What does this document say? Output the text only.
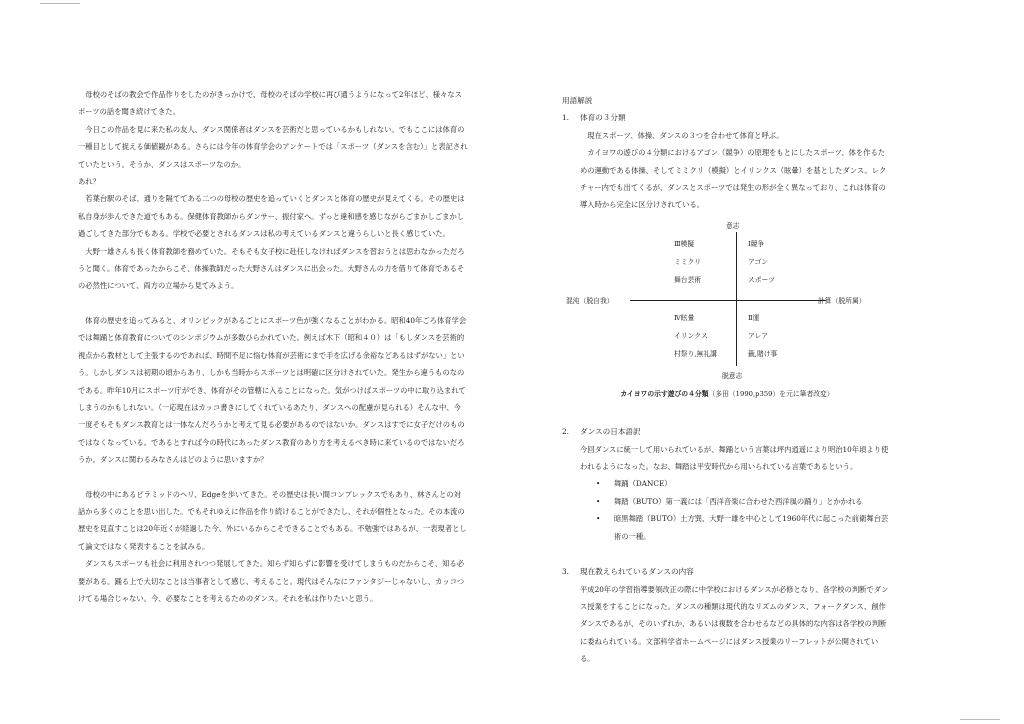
　母校のそばの教会で作品作りをしたのがきっかけで、母校のそばの学校に再び通うようになって2年ほど、様々なスポーツの話を聞き続けてきた。

　今日この作品を見に来た私の友人、ダンス関係者はダンスを芸術だと思っているかもしれない。でもここには体育の一種目として捉える価値観がある。さらには今年の体育学会のアンケートでは「スポーツ（ダンスを含む）」と表記されていたという。そうか、ダンスはスポーツなのか。

あれ？

　若葉台駅のそば、通りを隔ててある二つの母校の歴史を追っていくとダンスと体育の歴史が見えてくる。その歴史は私自身が歩んできた道でもある。保健体育教師からダンサー、振付家へ。ずっと違和感を感じながらごまかしごまかし過ごしてきた部分でもある。学校で必要とされるダンスは私の考えているダンスと違うらしいと長く感じていた。

　大野一雄さんも長く体育教師を務めていた。そもそも女子校に赴任しなければダンスを習おうとは思わなかっただろうと聞く。体育であったからこそ、体操教師だった大野さんはダンスに出会った。大野さんの力を借りて体育であるその必然性について、両方の立場から見てみよう。

　体育の歴史を追ってみると、オリンピックがあるごとにスポーツ色が強くなることがわかる。昭和40年ごろ体育学会では舞踊と体育教育についてのシンポジウムが多数ひらかれていた。例えば木下（昭和４０）は「もしダンスを芸術的視点から教材として主張するのであれば、時間不足に悩む体育が芸術にまで手を広げる余裕などあるはずがない」という。しかしダンスは初期の頃からあり、しかも当時からスポーツとは明確に区分けされていた。発生から違うものなのである。昨年10月にスポーツ庁ができ、体育がその管轄に入ることになった。気がつけばスポーツの中に取り込まれてしまうのかもしれない。（一応現在はカッコ書きにしてくれているあたり、ダンスへの配慮が見られる）そんな中、今一度そもそもダンス教育とは一体なんだろうかと考えて見る必要があるのではないか。ダンスはすでに女子だけのものではなくなっている。であるとすれば今の時代にあったダンス教育のあり方を考えるべき時に来ているのではないだろうか。ダンスに関わるみなさんはどのように思いますか？

　母校の中にあるピラミッドのヘリ、Edgeを歩いてきた。その歴史は長い間コンプレックスでもあり、林さんとの対話から多くのことを思い出した。でもそれゆえに作品を作り続けることができたし、それが個性となった。その本流の歴史を見直すことは20年近くが経過した今、外にいるからこそできることでもある。不勉強ではあるが、一表現者として論文ではなく発表することを試みる。

　ダンスもスポーツも社会に利用されつつ発展してきた。知らず知らずに影響を受けてしまうものだからこそ、知る必要がある。踊る上で大切なことは当事者として感じ、考えること。現代はそんなにファンタジーじゃないし、カッコつけてる場合じゃない。今、必要なことを考えるためのダンス。それを私は作りたいと思う。

用語解説

1.	体育の３分類

　現在スポーツ、体操、ダンスの３つを合わせて体育と呼ぶ。

　カイヨワの遊びの４分類におけるアゴン（競争）の原理をもとにしたスポーツ、体を作るための運動である体操、そしてミミクリ（模擬）とイリンクス（眩暈）を基としたダンス。レクチャー内でも出てくるが、ダンスとスポーツでは発生の形が全く異なっており、これは体育の導入時から完全に区分けされている。

意志
脱意志
混沌（脱自我）	計算（脱所属）
Ⅲ模擬
ミミクリ
舞台芸術
Ⅰ競争
アゴン
スポーツ
Ⅳ眩暈
イリンクス
村祭り,無礼講
Ⅱ運
アレア
籤,賭け事

カイヨワの示す遊びの４分類（多田（1990,p359）を元に筆者改変）

2.	ダンスの日本語訳

今回ダンスに統一して用いられているが、舞踊という言葉は坪内逍遥により明治10年頃より使われるようになった。なお、舞踏は平安時代から用いられている言葉であるという。

• 舞踊（DANCE）
• 舞踏（BUTO）第一義には「西洋音楽に合わせた西洋風の踊り」とかかれる
• 暗黒舞踏（BUTO）土方巽、大野一雄を中心として1960年代に起こった前衛舞台芸術の一種。
3.	現在教えられているダンスの内容

平成20年の学習指導要領改正の際に中学校におけるダンスが必修となり、各学校の判断でダンス授業をすることになった。ダンスの種類は現代的なリズムのダンス、フォークダンス、創作ダンスであるが、そのいずれか、あるいは複数を合わせるなどの具体的な内容は各学校の判断に委ねられている。文部科学省ホームページにはダンス授業のリーフレットが公開されている。
